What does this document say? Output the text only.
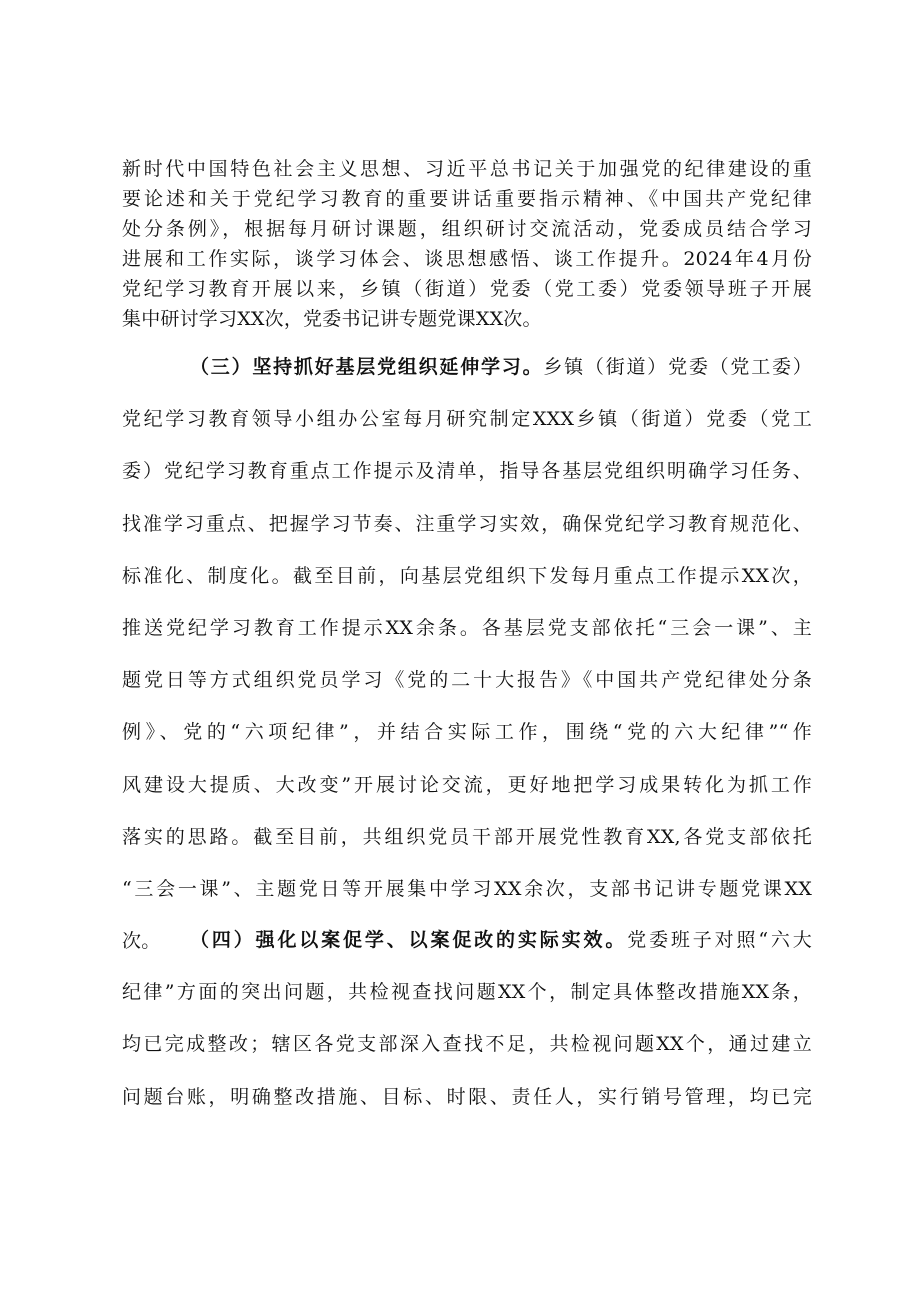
新时代中国特色社会主义思想、习近平总书记关于加强党的纪律建设的重
要论述和关于党纪学习教育的重要讲话重要指示精神、《中国共产党纪律
处分条例》，根据每月研讨课题，组织研讨交流活动，党委成员结合学习
进展和工作实际，谈学习体会、谈思想感悟、谈工作提升。2024年4月份
党纪学习教育开展以来，乡镇（街道）党委（党工委）党委领导班子开展
集中研讨学习XX次，党委书记讲专题党课XX次。
（三）坚持抓好基层党组织延伸学习。乡镇（街道）党委（党工委）
党纪学习教育领导小组办公室每月研究制定XXX乡镇（街道）党委（党工
委）党纪学习教育重点工作提示及清单，指导各基层党组织明确学习任务、
找准学习重点、把握学习节奏、注重学习实效，确保党纪学习教育规范化、
标准化、制度化。截至目前，向基层党组织下发每月重点工作提示XX次，
推送党纪学习教育工作提示XX余条。各基层党支部依托“三会一课”、主
题党日等方式组织党员学习《党的二十大报告》《中国共产党纪律处分条
例》、党的“六项纪律”，并结合实际工作，围绕“党的六大纪律”“作
风建设大提质、大改变”开展讨论交流，更好地把学习成果转化为抓工作
落实的思路。截至目前，共组织党员干部开展党性教育XX,各党支部依托
“三会一课”、主题党日等开展集中学习XX余次，支部书记讲专题党课XX
次。	（四）强化以案促学、以案促改的实际实效。党委班子对照“六大
纪律”方面的突出问题，共检视查找问题XX个，制定具体整改措施XX条，
均已完成整改；辖区各党支部深入查找不足，共检视问题XX个，通过建立
问题台账，明确整改措施、目标、时限、责任人，实行销号管理，均已完
